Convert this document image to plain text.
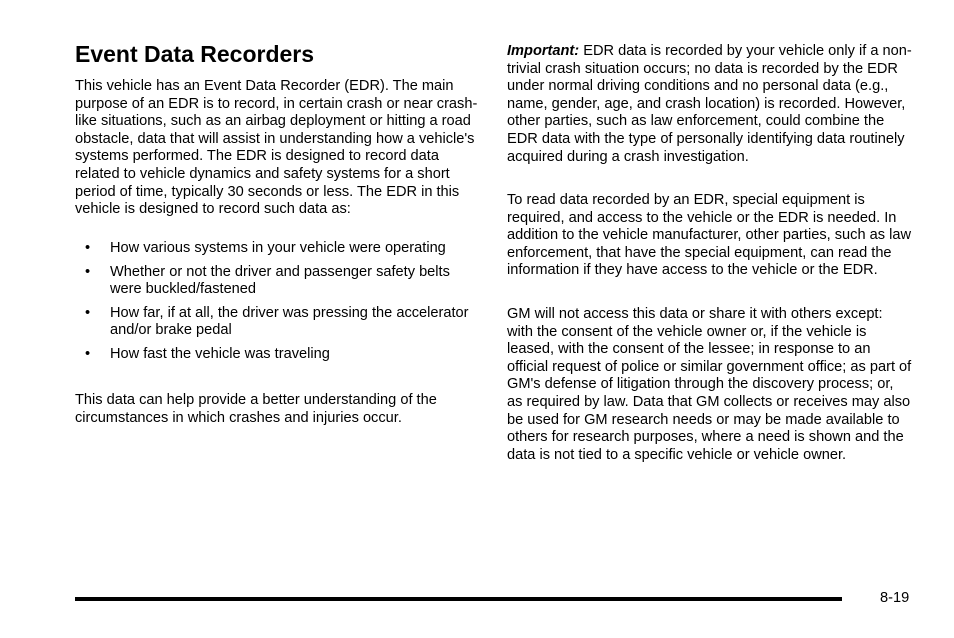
Event Data Recorders

This vehicle has an Event Data Recorder (EDR). The main purpose of an EDR is to record, in certain crash or near crash-like situations, such as an airbag deployment or hitting a road obstacle, data that will assist in understanding how a vehicle's systems performed. The EDR is designed to record data related to vehicle dynamics and safety systems for a short period of time, typically 30 seconds or less. The EDR in this vehicle is designed to record such data as:

• How various systems in your vehicle were operating
• Whether or not the driver and passenger safety belts were buckled/fastened
• How far, if at all, the driver was pressing the accelerator and/or brake pedal
• How fast the vehicle was traveling

This data can help provide a better understanding of the circumstances in which crashes and injuries occur.

Important: EDR data is recorded by your vehicle only if a non-trivial crash situation occurs; no data is recorded by the EDR under normal driving conditions and no personal data (e.g., name, gender, age, and crash location) is recorded. However, other parties, such as law enforcement, could combine the EDR data with the type of personally identifying data routinely acquired during a crash investigation.

To read data recorded by an EDR, special equipment is required, and access to the vehicle or the EDR is needed. In addition to the vehicle manufacturer, other parties, such as law enforcement, that have the special equipment, can read the information if they have access to the vehicle or the EDR.

GM will not access this data or share it with others except: with the consent of the vehicle owner or, if the vehicle is leased, with the consent of the lessee; in response to an official request of police or similar government office; as part of GM's defense of litigation through the discovery process; or, as required by law. Data that GM collects or receives may also be used for GM research needs or may be made available to others for research purposes, where a need is shown and the data is not tied to a specific vehicle or vehicle owner.

8-19
